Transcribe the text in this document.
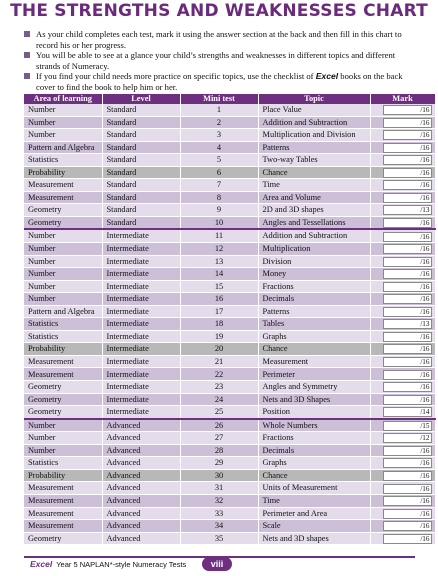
THE STRENGTHS AND WEAKNESSES CHART
As your child completes each test, mark it using the answer section at the back and then fill in this chart to record his or her progress.
You will be able to see at a glance your child’s strengths and weaknesses in different topics and different strands of Numeracy.
If you find your child needs more practice on specific topics, use the checklist of Excel books on the back cover to find the book to help him or her.
Area of learning	Level	Mini test	Topic	Mark
Number	Standard	1	Place Value	/16
Number	Standard	2	Addition and Subtraction	/16
Number	Standard	3	Multiplication and Division	/16
Pattern and Algebra	Standard	4	Patterns	/16
Statistics	Standard	5	Two-way Tables	/16
Probability	Standard	6	Chance	/16
Measurement	Standard	7	Time	/16
Measurement	Standard	8	Area and Volume	/16
Geometry	Standard	9	2D and 3D shapes	/13
Geometry	Standard	10	Angles and Tessellations	/16
Number	Intermediate	11	Addition and Subtraction	/16
Number	Intermediate	12	Multiplication	/16
Number	Intermediate	13	Division	/16
Number	Intermediate	14	Money	/16
Number	Intermediate	15	Fractions	/16
Number	Intermediate	16	Decimals	/16
Pattern and Algebra	Intermediate	17	Patterns	/16
Statistics	Intermediate	18	Tables	/13
Statistics	Intermediate	19	Graphs	/16
Probability	Intermediate	20	Chance	/16
Measurement	Intermediate	21	Measurement	/16
Measurement	Intermediate	22	Perimeter	/16
Geometry	Intermediate	23	Angles and Symmetry	/16
Geometry	Intermediate	24	Nets and 3D Shapes	/16
Geometry	Intermediate	25	Position	/14
Number	Advanced	26	Whole Numbers	/15
Number	Advanced	27	Fractions	/12
Number	Advanced	28	Decimals	/16
Statistics	Advanced	29	Graphs	/16
Probability	Advanced	30	Chance	/16
Measurement	Advanced	31	Units of Measurement	/16
Measurement	Advanced	32	Time	/16
Measurement	Advanced	33	Perimeter and Area	/16
Measurement	Advanced	34	Scale	/16
Geometry	Advanced	35	Nets and 3D shapes	/16
Excel Year 5 NAPLAN*-style Numeracy Tests	viii
